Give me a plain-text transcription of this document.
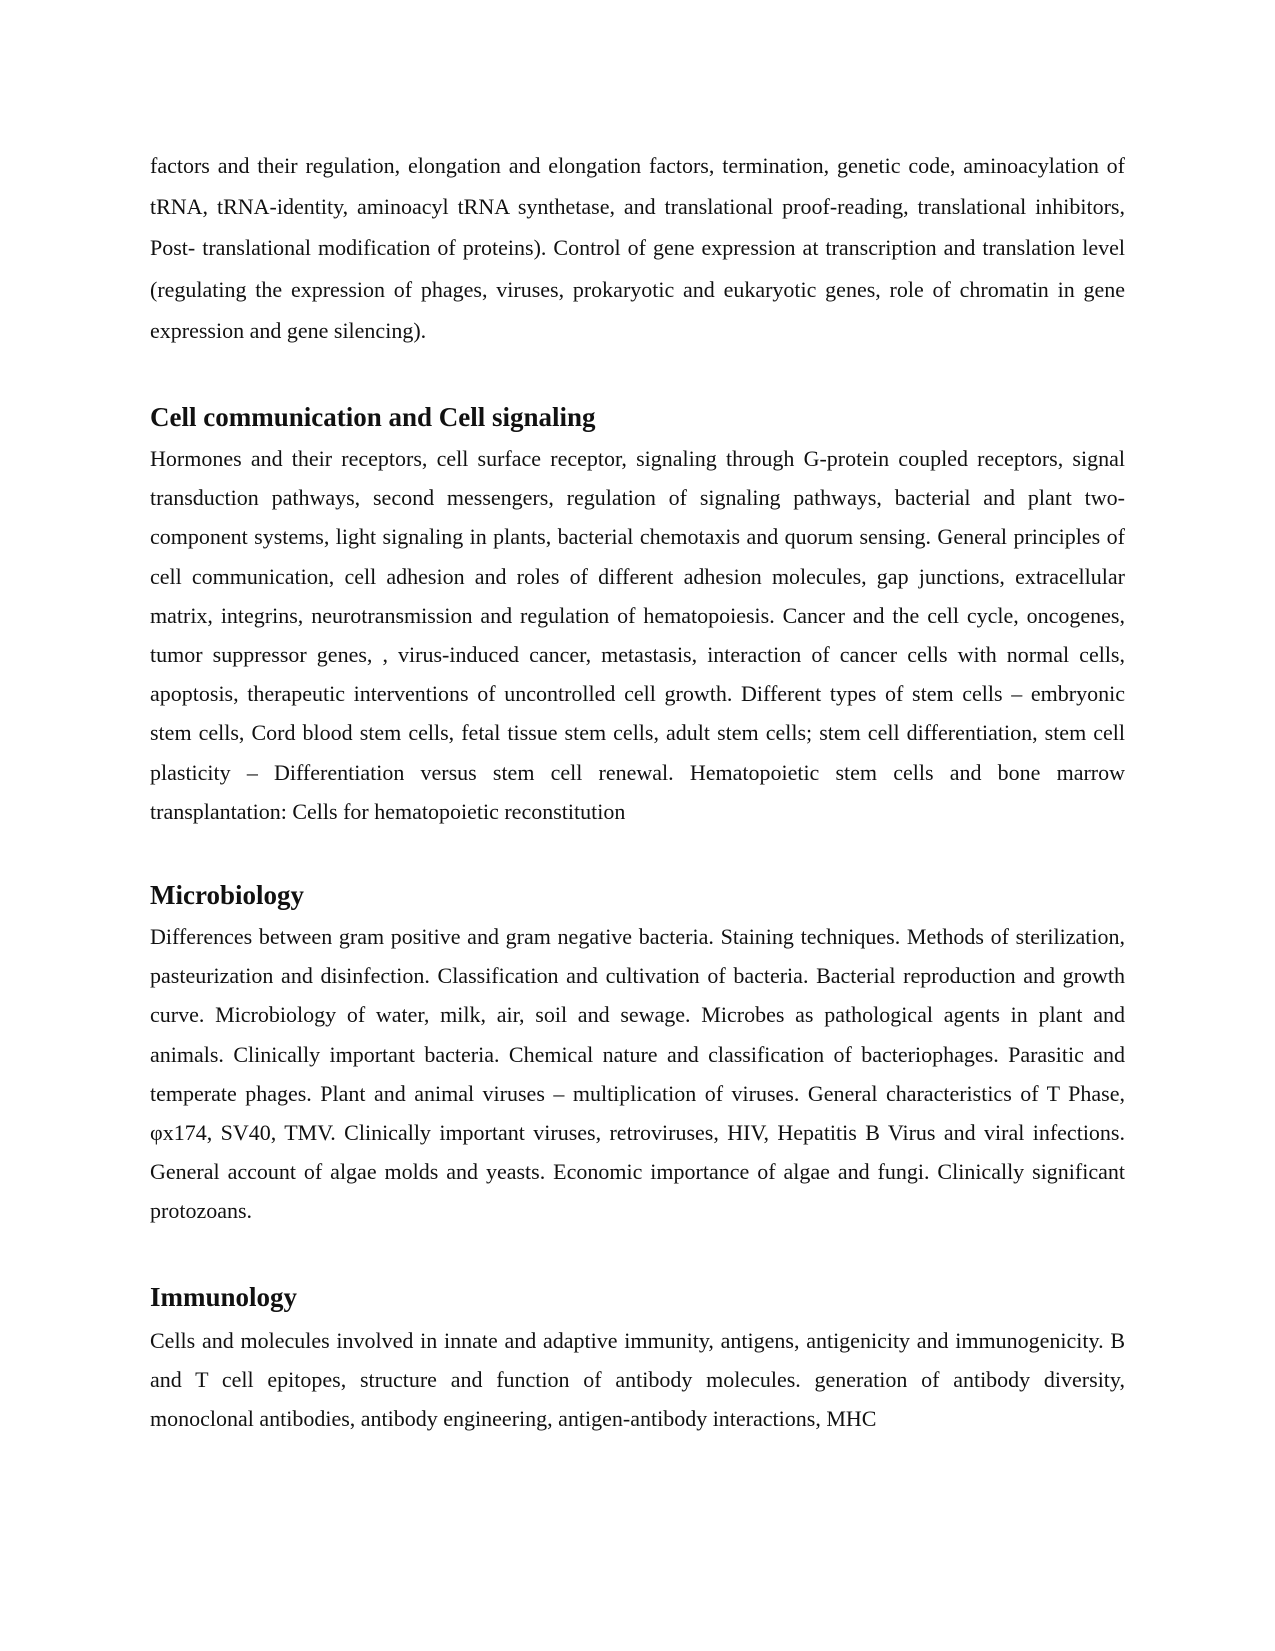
factors and their regulation, elongation and elongation factors, termination, genetic code, aminoacylation of tRNA, tRNA-identity, aminoacyl tRNA synthetase, and translational proof-reading, translational inhibitors, Post- translational modification of proteins). Control of gene expression at transcription and translation level (regulating the expression of phages, viruses, prokaryotic and eukaryotic genes, role of chromatin in gene expression and gene silencing).

Cell communication and Cell signaling

Hormones and their receptors, cell surface receptor, signaling through G-protein coupled receptors, signal transduction pathways, second messengers, regulation of signaling pathways, bacterial and plant two-component systems, light signaling in plants, bacterial chemotaxis and quorum sensing. General principles of cell communication, cell adhesion and roles of different adhesion molecules, gap junctions, extracellular matrix, integrins, neurotransmission and regulation of hematopoiesis. Cancer and the cell cycle, oncogenes, tumor suppressor genes, , virus-induced cancer, metastasis, interaction of cancer cells with normal cells, apoptosis, therapeutic interventions of uncontrolled cell growth. Different types of stem cells – embryonic stem cells, Cord blood stem cells, fetal tissue stem cells, adult stem cells; stem cell differentiation, stem cell plasticity – Differentiation versus stem cell renewal. Hematopoietic stem cells and bone marrow transplantation: Cells for hematopoietic reconstitution

Microbiology

Differences between gram positive and gram negative bacteria. Staining techniques. Methods of sterilization, pasteurization and disinfection. Classification and cultivation of bacteria. Bacterial reproduction and growth curve. Microbiology of water, milk, air, soil and sewage. Microbes as pathological agents in plant and animals. Clinically important bacteria. Chemical nature and classification of bacteriophages. Parasitic and temperate phages. Plant and animal viruses – multiplication of viruses. General characteristics of T Phase, φx174, SV40, TMV. Clinically important viruses, retroviruses, HIV, Hepatitis B Virus and viral infections. General account of algae molds and yeasts. Economic importance of algae and fungi. Clinically significant protozoans.

Immunology

Cells and molecules involved in innate and adaptive immunity, antigens, antigenicity and immunogenicity. B and T cell epitopes, structure and function of antibody molecules. generation of antibody diversity, monoclonal antibodies, antibody engineering, antigen-antibody interactions, MHC
